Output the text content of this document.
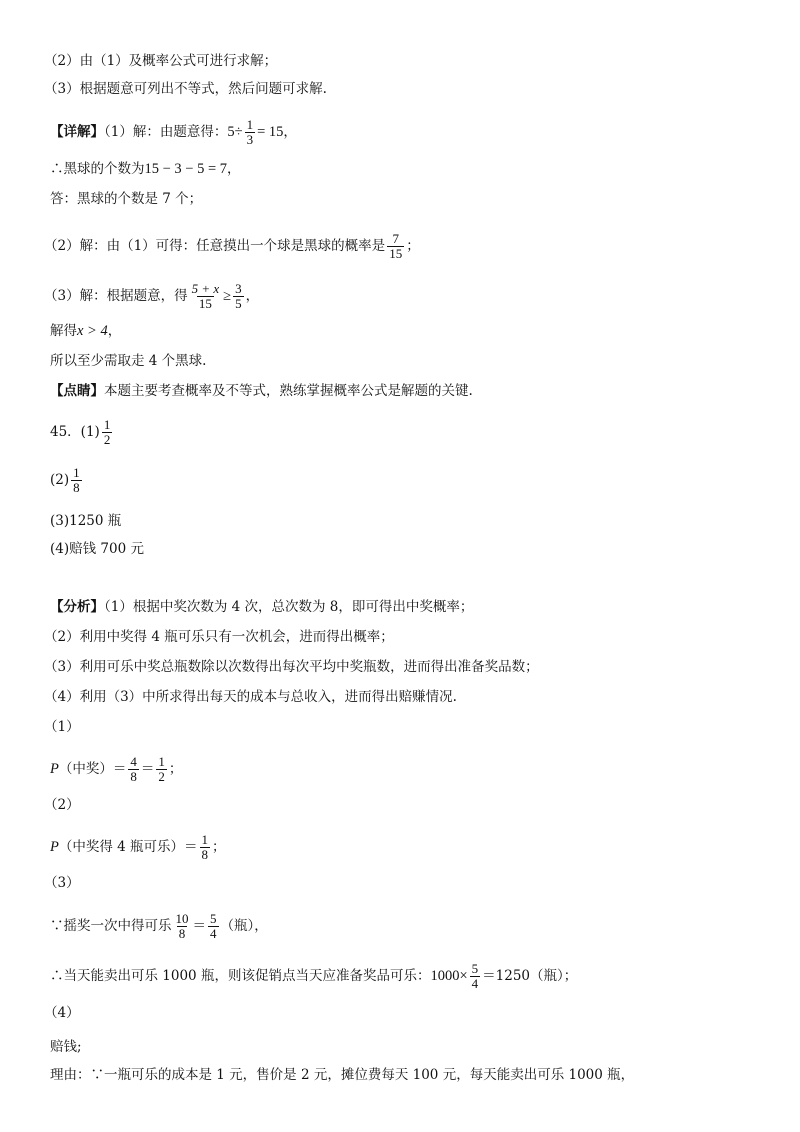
（2）由（1）及概率公式可进行求解；
（3）根据题意可列出不等式，然后问题可求解.
【详解】（1）解：由题意得：$5\div \frac{1}{3} = 15$，
∴黑球的个数为15 − 3 − 5 = 7，
答：黑球的个数是 7 个；
（2）解：由（1）可得：任意摸出一个球是黑球的概率是 $\frac{7}{15}$ ；
（3）解：根据题意，得 $\frac{5 + x}{15} \ge \frac{3}{5}$ ，
解得x > 4，
所以至少需取走 4 个黑球.
【点睛】本题主要考查概率及不等式，熟练掌握概率公式是解题的关键.
45．$(1) \frac{1}{2}$
$(2) \frac{1}{8}$
(3)1250 瓶
(4)赔钱 700 元
【分析】（1）根据中奖次数为 4 次，总次数为 8，即可得出中奖概率；
（2）利用中奖得 4 瓶可乐只有一次机会，进而得出概率；
（3）利用可乐中奖总瓶数除以次数得出每次平均中奖瓶数，进而得出准备奖品数；
（4）利用（3）中所求得出每天的成本与总收入，进而得出赔赚情况.
（1）
P（中奖）＝ $\frac{4}{8} = \frac{1}{2}$ ；
（2）
P（中奖得 4 瓶可乐）＝ $\frac{1}{8}$ ；
（3）
∵摇奖一次中得可乐 $\frac{10}{8} = \frac{5}{4}$ （瓶），
∴当天能卖出可乐 1000 瓶，则该促销点当天应准备奖品可乐：$1000\times \frac{5}{4} =1250$（瓶）；
（4）
赔钱;
理由：∵一瓶可乐的成本是 1 元，售价是 2 元，摊位费每天 100 元，每天能卖出可乐 1000 瓶，
